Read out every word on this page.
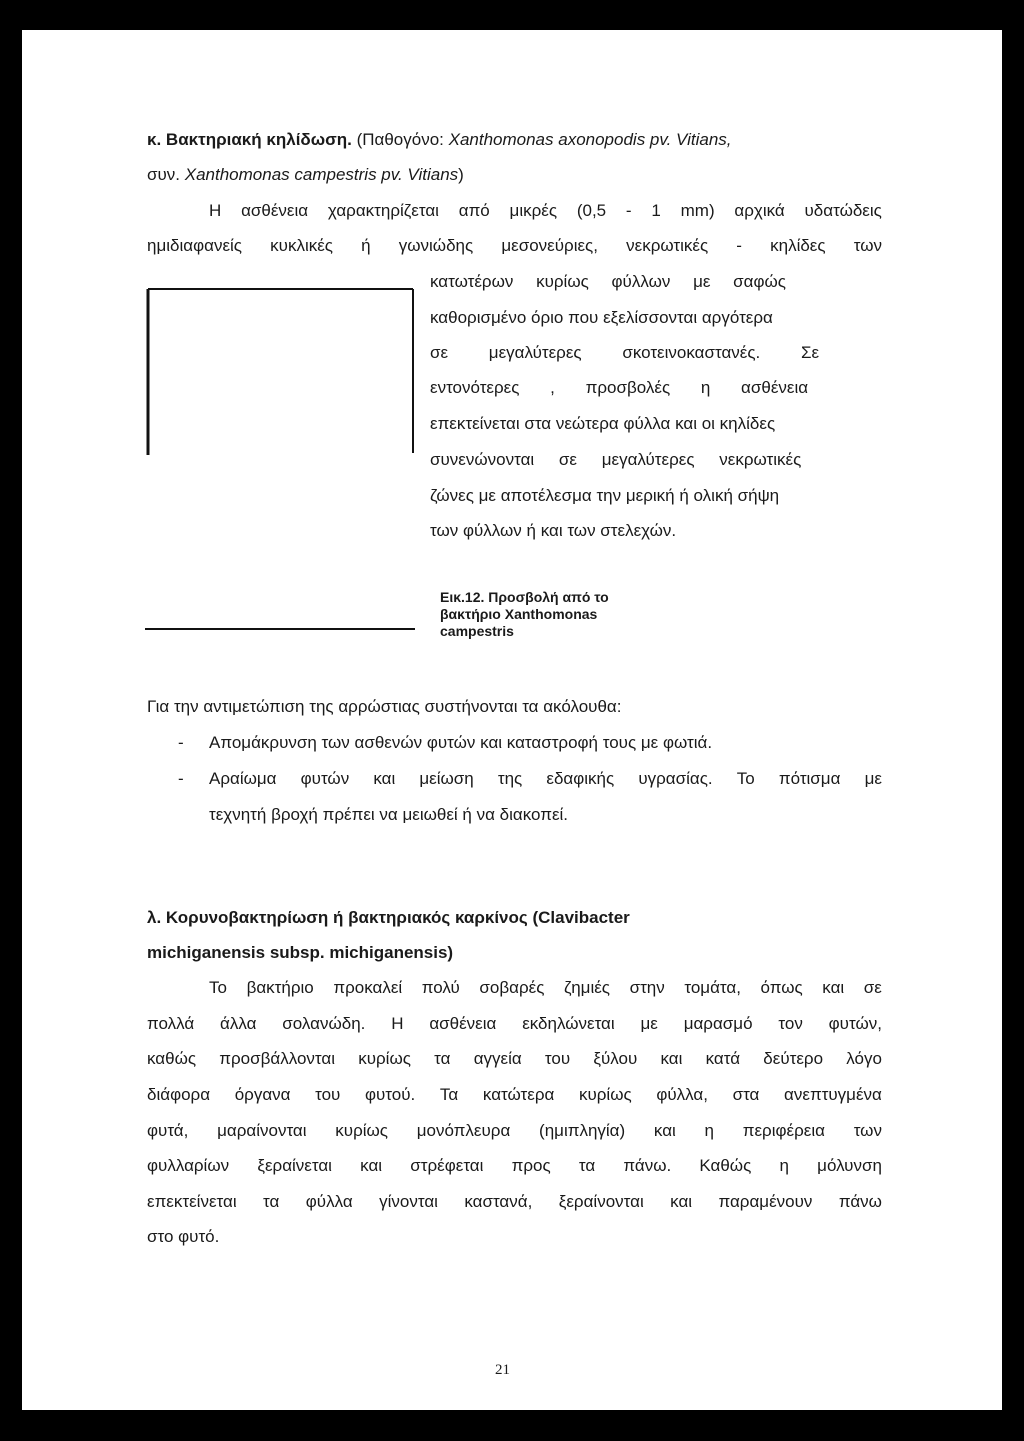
κ. Βακτηριακή κηλίδωση. (Παθογόνο: Xanthomonas axonopodis pv. Vitians,
συν. Xanthomonas campestris pv. Vitians)
Η ασθένεια χαρακτηρίζεται από μικρές (0,5 - 1 mm) αρχικά υδατώδεις
ημιδιαφανείς κυκλικές ή γωνιώδης μεσονεύριες, νεκρωτικές - κηλίδες των
κατωτέρων κυρίως φύλλων με σαφώς
καθορισμένο όριο που εξελίσσονται αργότερα
σε μεγαλύτερες σκοτεινοκαστανές. Σε
εντονότερες , προσβολές η ασθένεια
επεκτείνεται στα νεώτερα φύλλα και οι κηλίδες
συνενώνονται σε μεγαλύτερες νεκρωτικές
ζώνες με αποτέλεσμα την μερική ή ολική σήψη
των φύλλων ή και των στελεχών.
Εικ.12. Προσβολή από το
βακτήριο Xanthomonas
campestris
Για την αντιμετώπιση της αρρώστιας συστήνονται τα ακόλουθα:
- Απομάκρυνση των ασθενών φυτών και καταστροφή τους με φωτιά.
- Αραίωμα φυτών και μείωση της εδαφικής υγρασίας. Το πότισμα με
τεχνητή βροχή πρέπει να μειωθεί ή να διακοπεί.
λ. Κορυνοβακτηρίωση ή βακτηριακός καρκίνος (Clavibacter
michiganensis subsp. michiganensis)
Το βακτήριο προκαλεί πολύ σοβαρές ζημιές στην τομάτα, όπως και σε
πολλά άλλα σολανώδη. Η ασθένεια εκδηλώνεται με μαρασμό τον φυτών,
καθώς προσβάλλονται κυρίως τα αγγεία του ξύλου και κατά δεύτερο λόγο
διάφορα όργανα του φυτού. Τα κατώτερα κυρίως φύλλα, στα ανεπτυγμένα
φυτά, μαραίνονται κυρίως μονόπλευρα (ημιπληγία) και η περιφέρεια των
φυλλαρίων ξεραίνεται και στρέφεται προς τα πάνω. Καθώς η μόλυνση
επεκτείνεται τα φύλλα γίνονται καστανά, ξεραίνονται και παραμένουν πάνω
στο φυτό.
21
